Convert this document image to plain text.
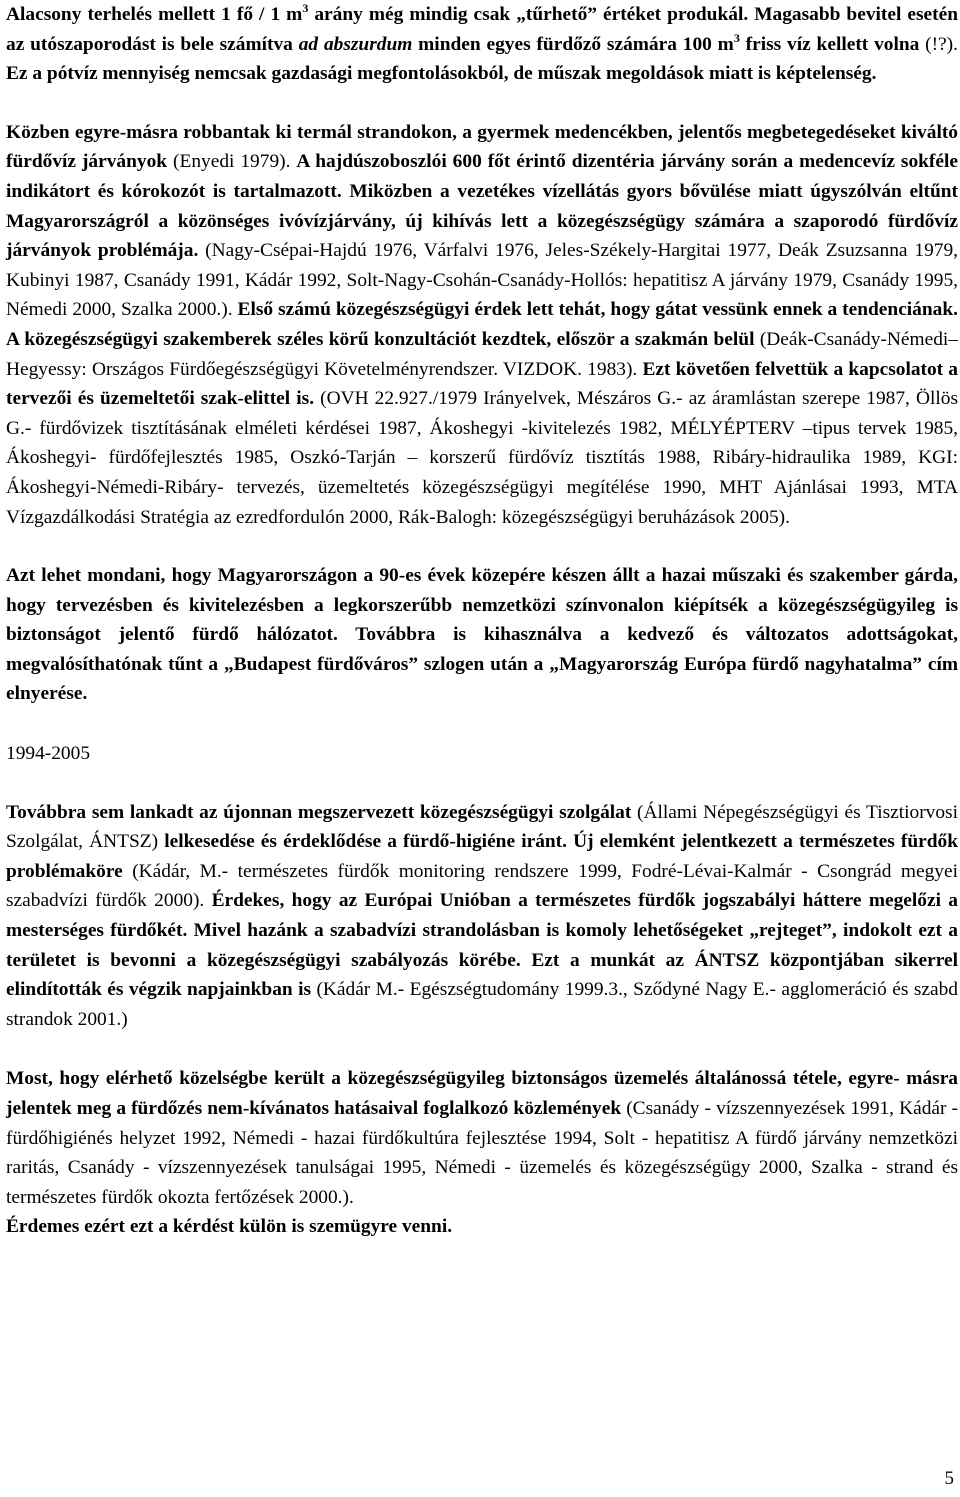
Alacsony terhelés mellett 1 fő / 1 $m^3$ arány még mindig csak „tűrhető” értéket produkál. Magasabb bevitel esetén az utószaporodást is bele számítva ad abszurdum minden egyes fürdőző számára 100 $m^3$ friss víz kellett volna (!?). Ez a pótvíz mennyiség nemcsak gazdasági megfontolásokból, de műszak megoldások miatt is képtelenség.

Közben egyre-másra robbantak ki termál strandokon, a gyermek medencékben, jelentős megbetegedéseket kiváltó fürdővíz járványok (Enyedi 1979). A hajdúszoboszlói 600 főt érintő dizentéria járvány során a medencevíz sokféle indikátort és kórokozót is tartalmazott. Miközben a vezetékes vízellátás gyors bővülése miatt úgyszólván eltűnt Magyarországról a közönséges ivóvízjárvány, új kihívás lett a közegészségügy számára a szaporodó fürdővíz járványok problémája. (Nagy-Csépai-Hajdú 1976, Várfalvi 1976, Jeles-Székely-Hargitai 1977, Deák Zsuzsanna 1979, Kubinyi 1987, Csanády 1991, Kádár 1992, Solt-Nagy-Csohán-Csanády-Hollós: hepatitisz A járvány 1979, Csanády 1995, Némedi 2000, Szalka 2000.). Első számú közegészségügyi érdek lett tehát, hogy gátat vessünk ennek a tendenciának. A közegészségügyi szakemberek széles körű konzultációt kezdtek, először a szakmán belül (Deák-Csanády-Némedi–Hegyessy: Országos Fürdőegészségügyi Követelményrendszer. VIZDOK. 1983). Ezt követően felvettük a kapcsolatot a tervezői és üzemeltetői szak-elittel is. (OVH 22.927./1979 Irányelvek, Mészáros G.- az áramlástan szerepe 1987, Öllös G.- fürdővizek tisztításának elméleti kérdései 1987, Ákoshegyi -kivitelezés 1982, MÉLYÉPTERV –tipus tervek 1985, Ákoshegyi- fürdőfejlesztés 1985, Oszkó-Tarján – korszerű fürdővíz tisztítás 1988, Ribáry-hidraulika 1989, KGI: Ákoshegyi-Némedi-Ribáry- tervezés, üzemeltetés közegészségügyi megítélése 1990, MHT Ajánlásai 1993, MTA Vízgazdálkodási Stratégia az ezredfordulón 2000, Rák-Balogh: közegészségügyi beruházások 2005).

Azt lehet mondani, hogy Magyarországon a 90-es évek közepére készen állt a hazai műszaki és szakember gárda, hogy tervezésben és kivitelezésben a legkorszerűbb nemzetközi színvonalon kiépítsék a közegészségügyileg is biztonságot jelentő fürdő hálózatot. Továbbra is kihasználva a kedvező és változatos adottságokat, megvalósíthatónak tűnt a „Budapest fürdőváros” szlogen után a „Magyarország Európa fürdő nagyhatalma” cím elnyerése.

1994-2005

Továbbra sem lankadt az újonnan megszervezett közegészségügyi szolgálat (Állami Népegészségügyi és Tisztiorvosi Szolgálat, ÁNTSZ) lelkesedése és érdeklődése a fürdő-higiéne iránt. Új elemként jelentkezett a természetes fürdők problémaköre (Kádár, M.- természetes fürdők monitoring rendszere 1999, Fodré-Lévai-Kalmár - Csongrád megyei szabadvízi fürdők 2000). Érdekes, hogy az Európai Unióban a természetes fürdők jogszabályi háttere megelőzi a mesterséges fürdőkét. Mivel hazánk a szabadvízi strandolásban is komoly lehetőségeket „rejteget”, indokolt ezt a területet is bevonni a közegészségügyi szabályozás körébe. Ezt a munkát az ÁNTSZ központjában sikerrel elindították és végzik napjainkban is (Kádár M.- Egészségtudomány 1999.3., Sződyné Nagy E.- agglomeráció és szabd strandok 2001.)

Most, hogy elérhető közelségbe került a közegészségügyileg biztonságos üzemelés általánossá tétele, egyre- másra jelentek meg a fürdőzés nem-kívánatos hatásaival foglalkozó közlemények (Csanády - vízszennyezések 1991, Kádár - fürdőhigiénés helyzet 1992, Némedi - hazai fürdőkultúra fejlesztése 1994, Solt - hepatitisz A fürdő járvány nemzetközi raritás, Csanády - vízszennyezések tanulságai 1995, Némedi - üzemelés és közegészségügy 2000, Szalka - strand és természetes fürdők okozta fertőzések 2000.).
Érdemes ezért ezt a kérdést külön is szemügyre venni.

5
